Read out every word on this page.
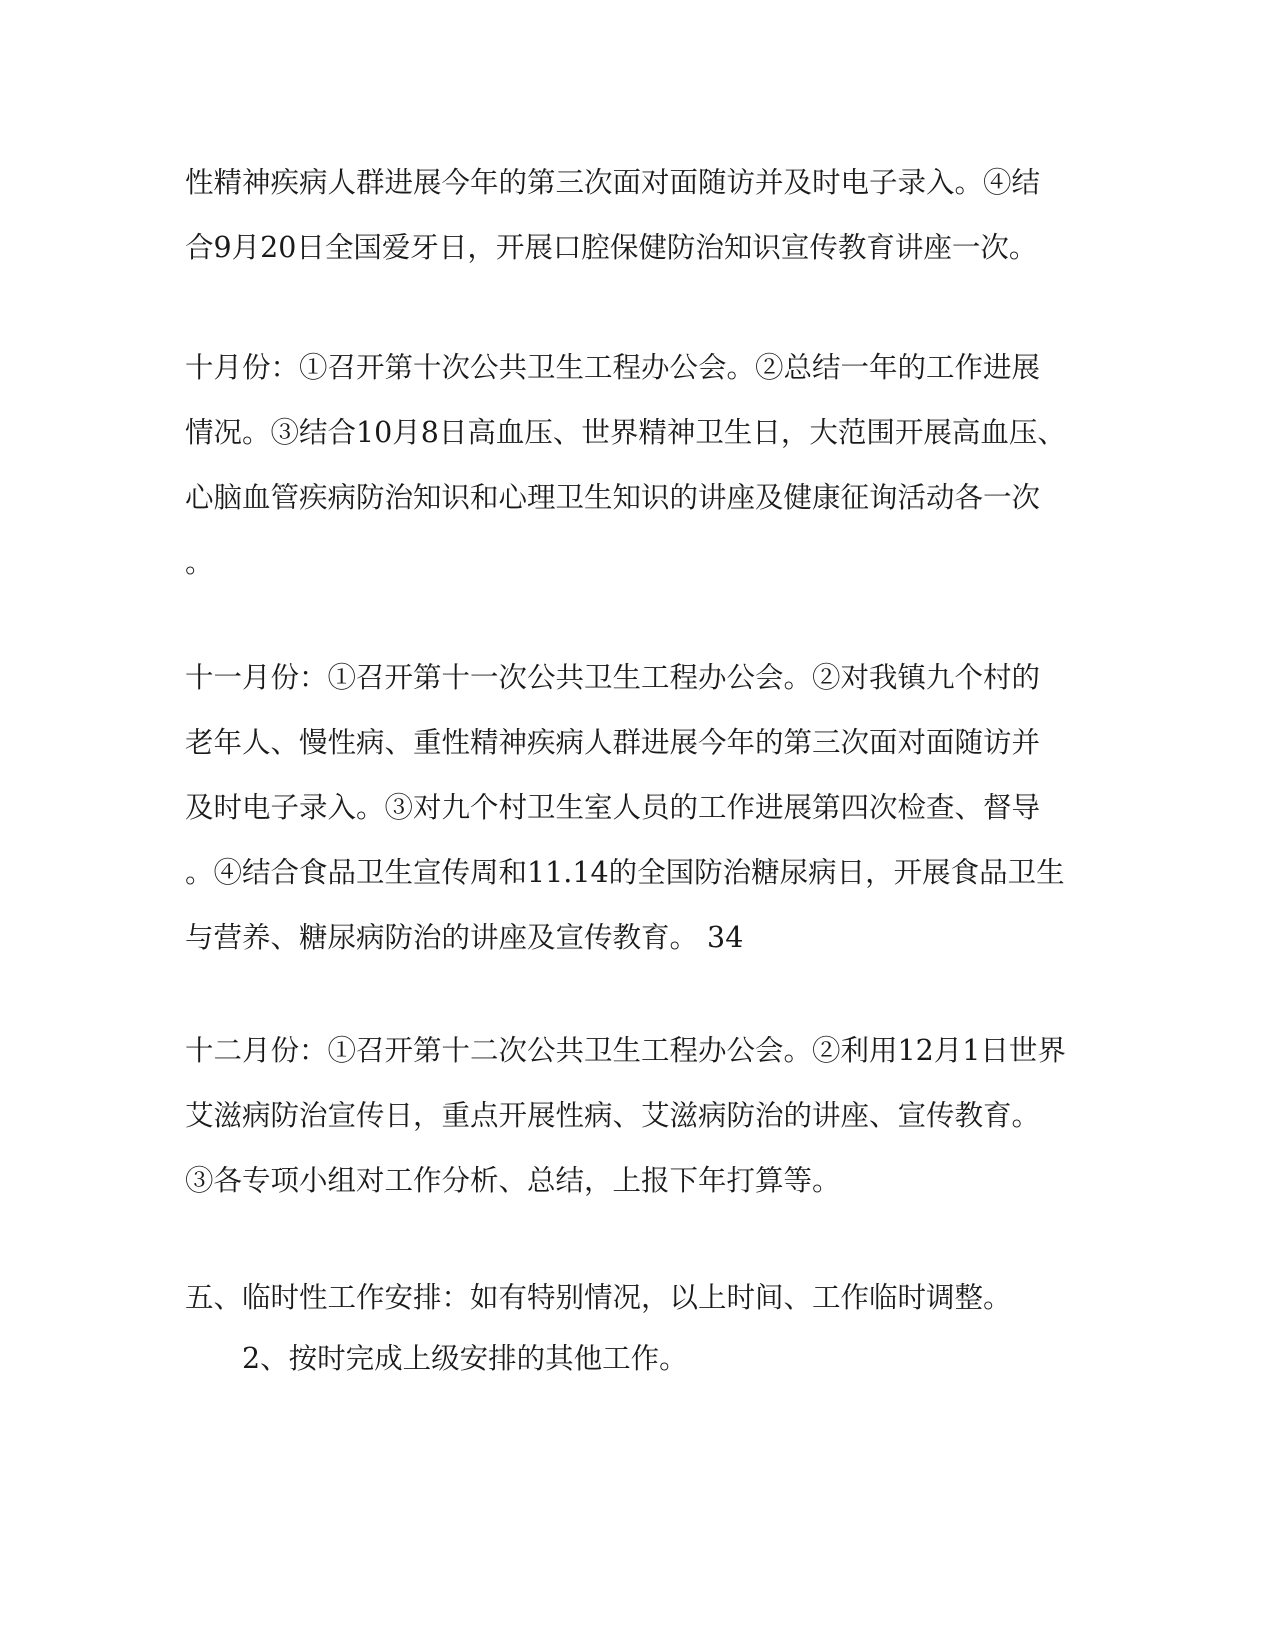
性精神疾病人群进展今年的第三次面对面随访并及时电子录入。④结
合9月20日全国爱牙日，开展口腔保健防治知识宣传教育讲座一次。

十月份：①召开第十次公共卫生工程办公会。②总结一年的工作进展
情况。③结合10月8日高血压、世界精神卫生日，大范围开展高血压、
心脑血管疾病防治知识和心理卫生知识的讲座及健康征询活动各一次
。

十一月份：①召开第十一次公共卫生工程办公会。②对我镇九个村的
老年人、慢性病、重性精神疾病人群进展今年的第三次面对面随访并
及时电子录入。③对九个村卫生室人员的工作进展第四次检查、督导
。④结合食品卫生宣传周和11.14的全国防治糖尿病日，开展食品卫生
与营养、糖尿病防治的讲座及宣传教育。 34

十二月份：①召开第十二次公共卫生工程办公会。②利用12月1日世界
艾滋病防治宣传日，重点开展性病、艾滋病防治的讲座、宣传教育。
③各专项小组对工作分析、总结，上报下年打算等。

五、临时性工作安排：如有特别情况，以上时间、工作临时调整。

2、按时完成上级安排的其他工作。
